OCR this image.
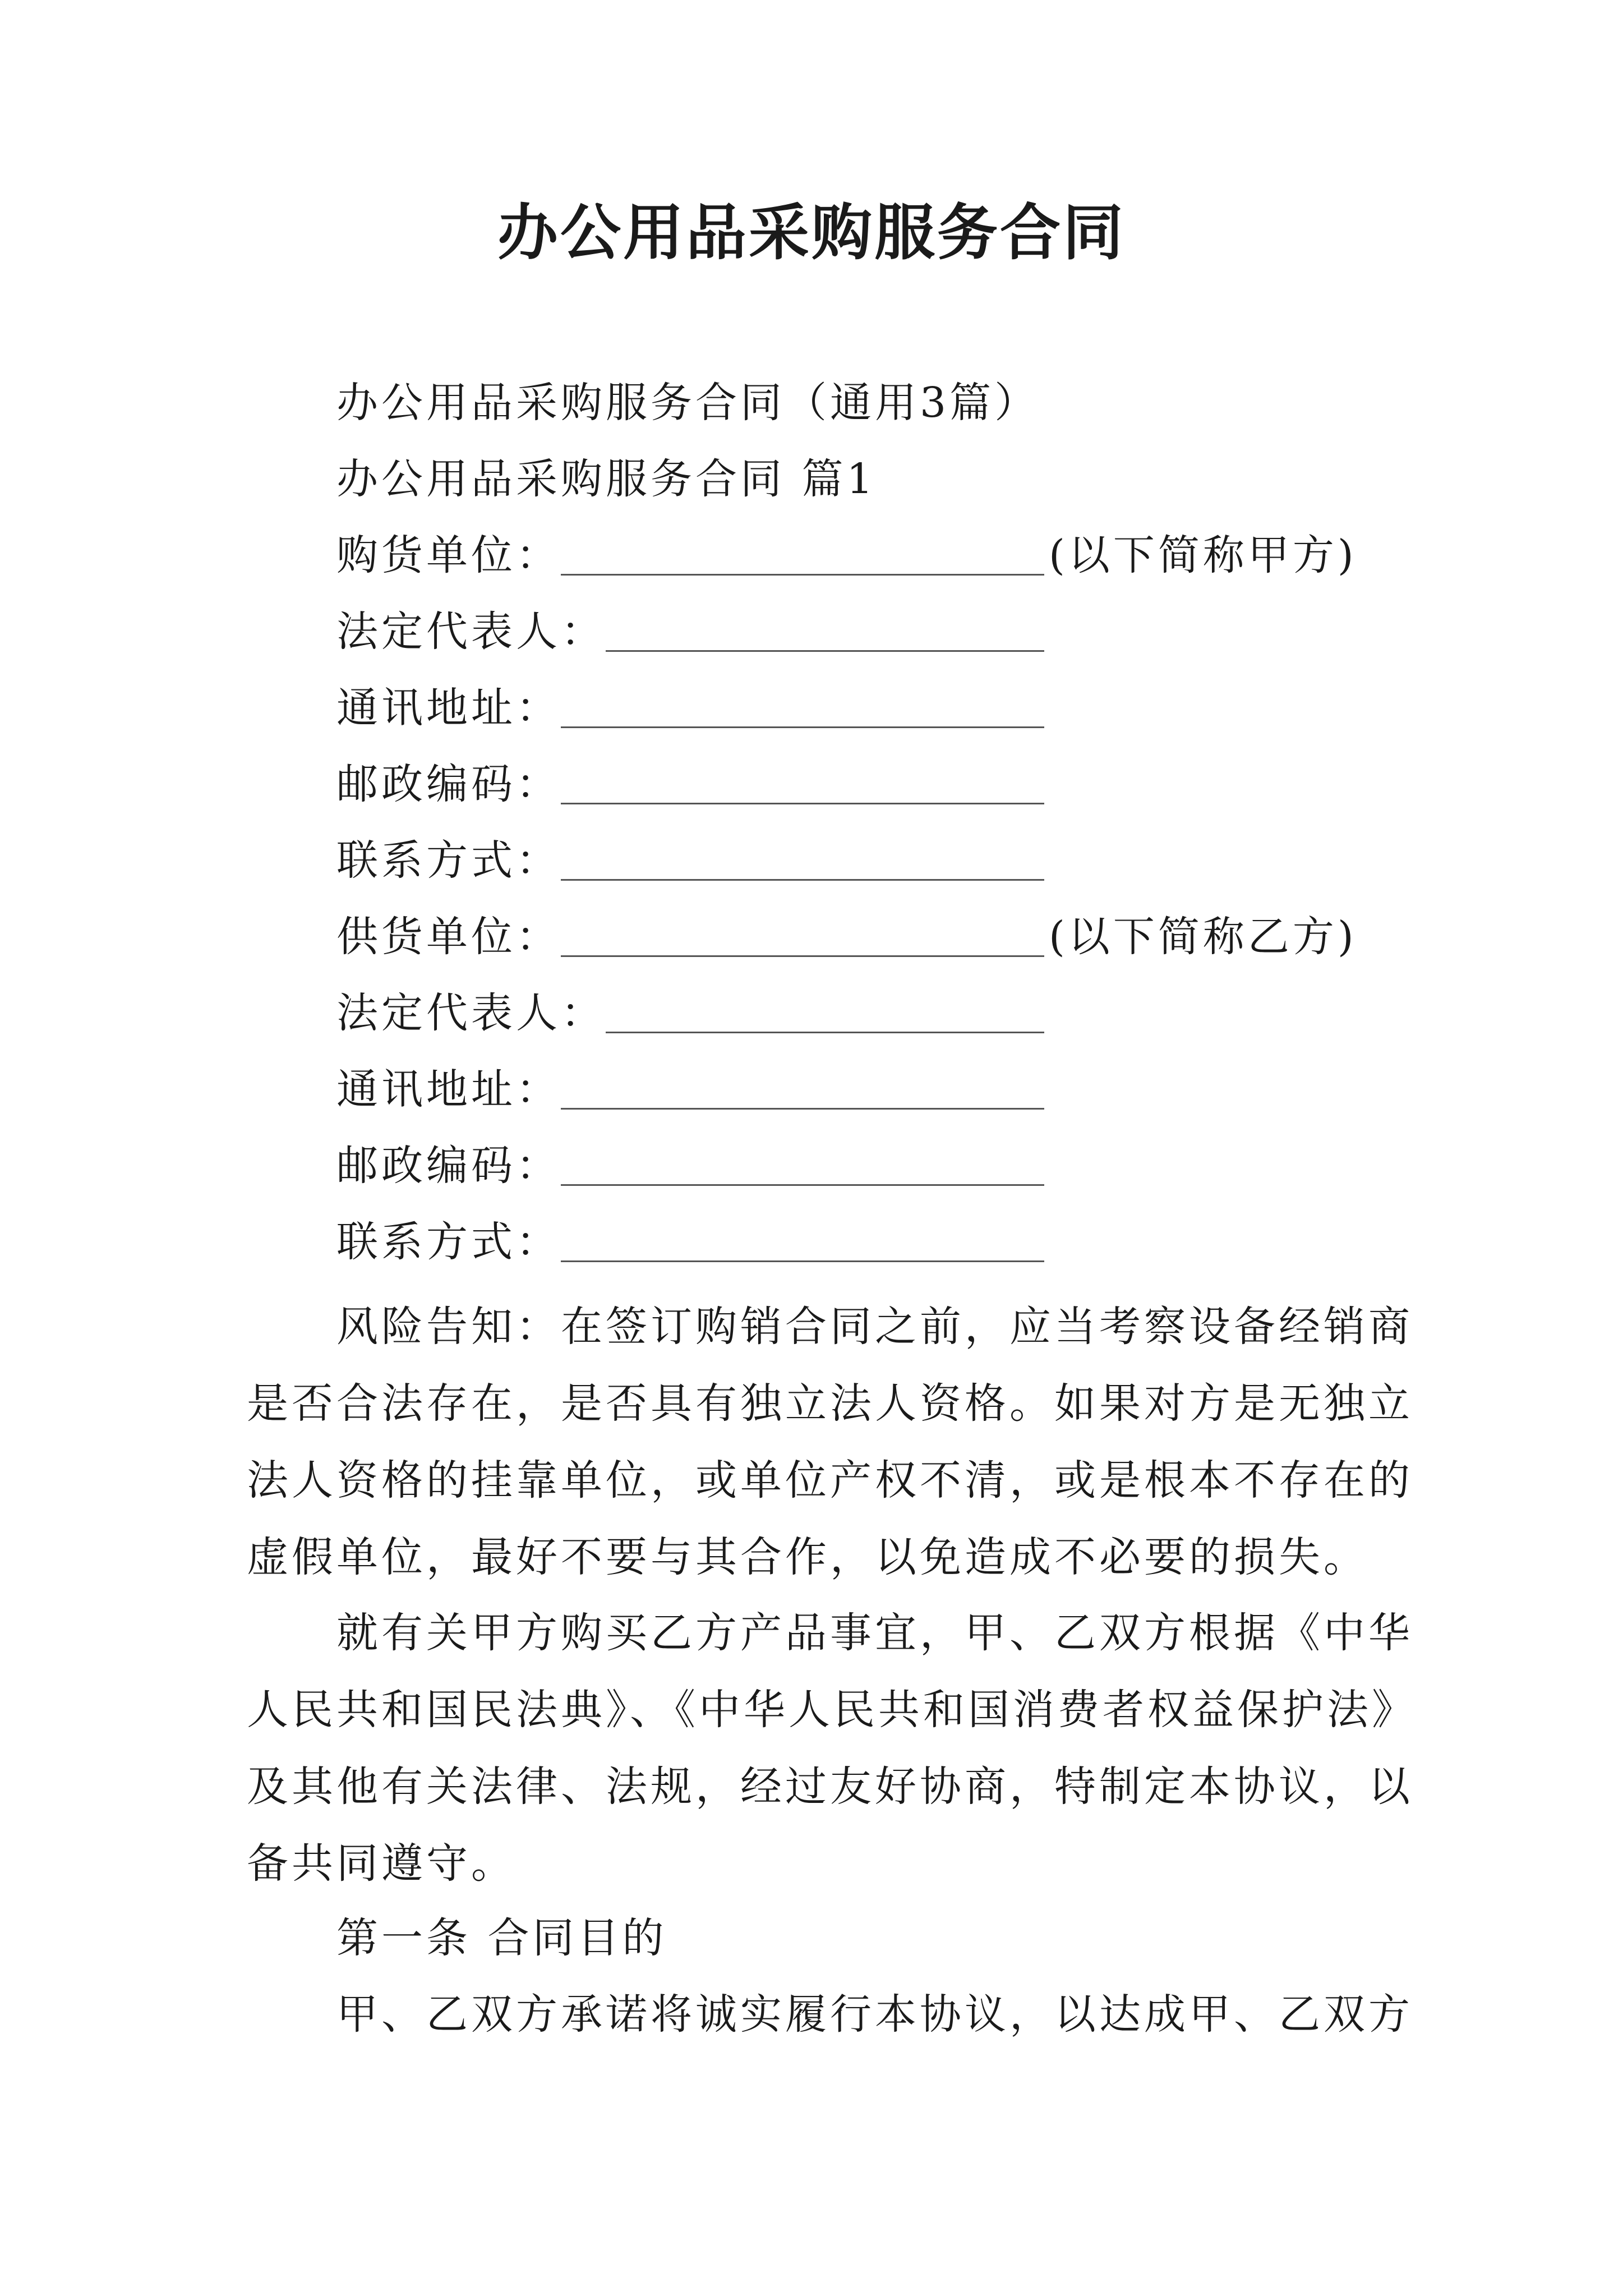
办公用品采购服务合同
办公用品采购服务合同（通用3篇）
办公用品采购服务合同 篇1
购货单位：	(以下简称甲方)
法定代表人：
通讯地址：
邮政编码：
联系方式：
供货单位：	(以下简称乙方)
法定代表人：
通讯地址：
邮政编码：
联系方式：
风险告知：在签订购销合同之前，应当考察设备经销商
是否合法存在，是否具有独立法人资格。如果对方是无独立
法人资格的挂靠单位，或单位产权不清，或是根本不存在的
虚假单位，最好不要与其合作，以免造成不必要的损失。
就有关甲方购买乙方产品事宜，甲、乙双方根据《中华
人民共和国民法典》、《中华人民共和国消费者权益保护法》
及其他有关法律、法规，经过友好协商，特制定本协议，以
备共同遵守。
第一条 合同目的
甲、乙双方承诺将诚实履行本协议，以达成甲、乙双方
